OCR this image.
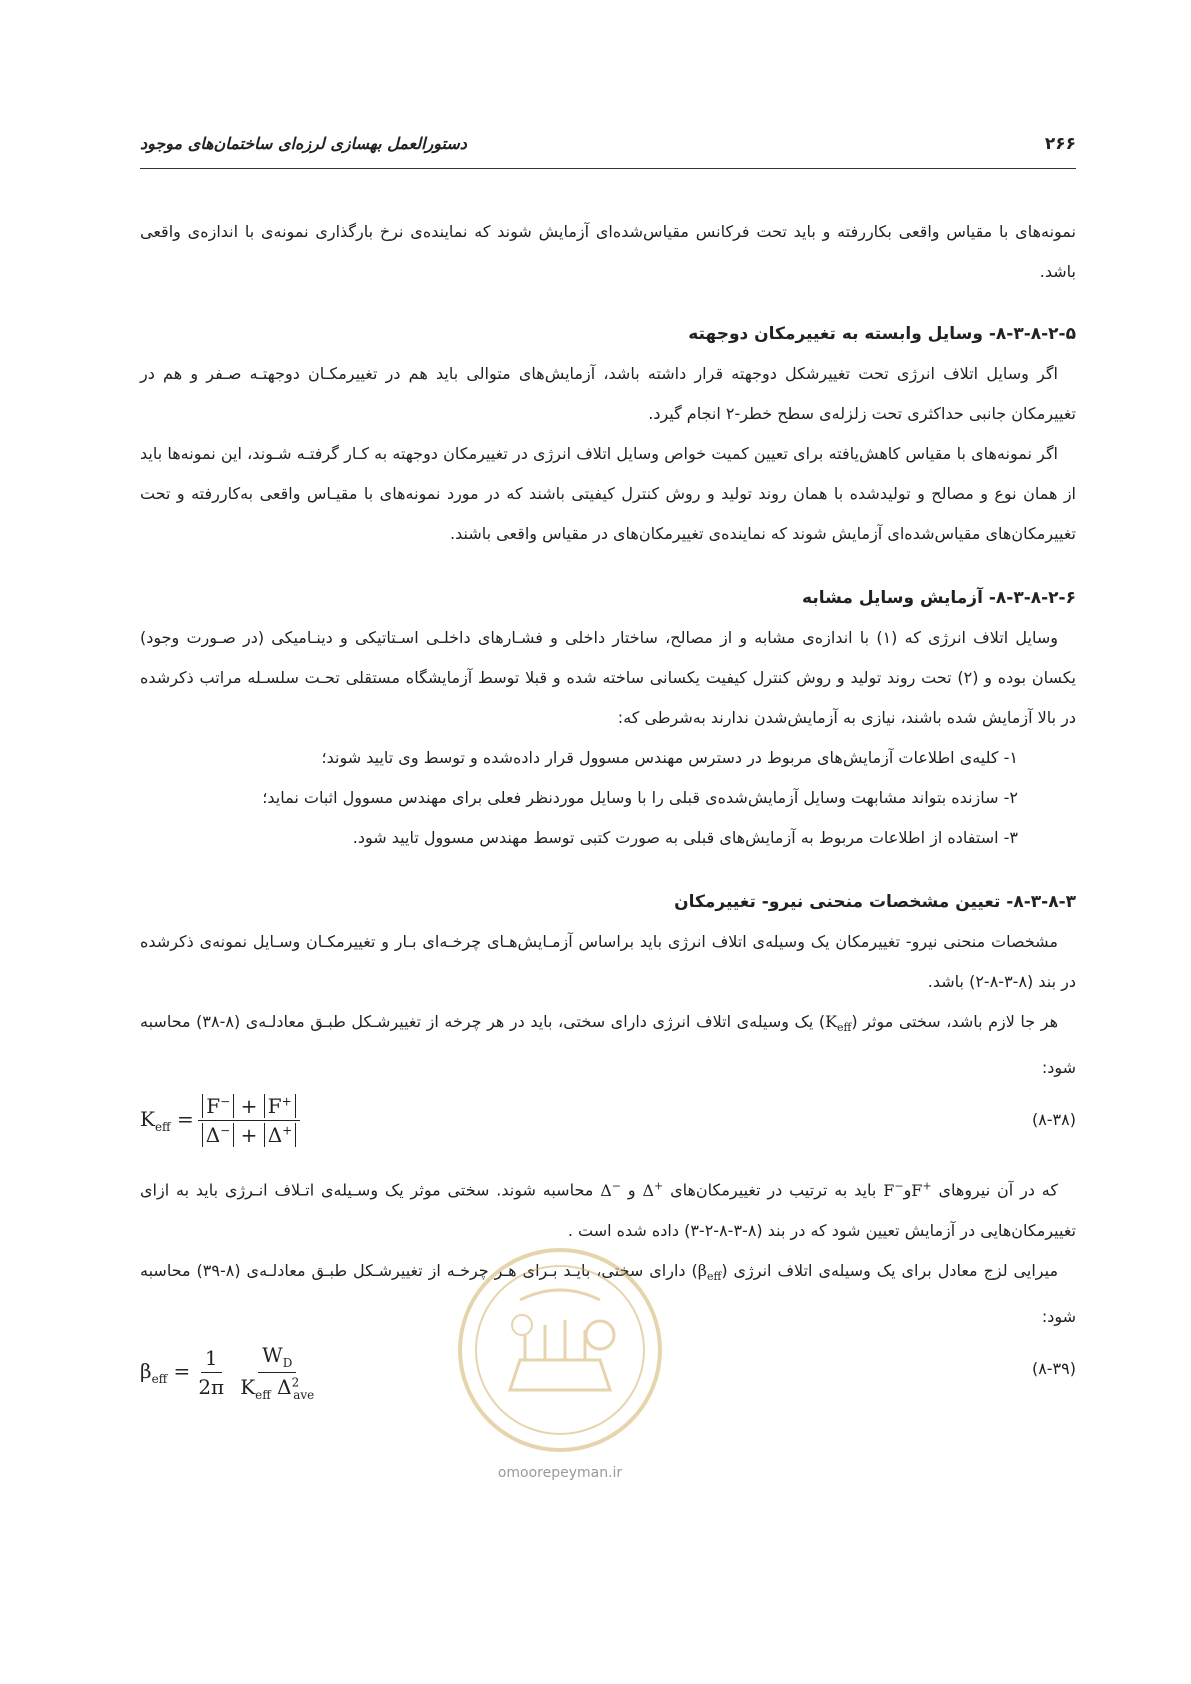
۲۶۶
دستورالعمل بهسازی لرزه‌ای ساختمان‌های موجود

نمونه‌های با مقیاس واقعی بکاررفته و باید تحت فرکانس مقیاس‌شده‌ای آزمایش شوند که نماینده‌ی نرخ بارگذاری نمونه‌ی با اندازه‌ی واقعی باشد.

۸-۳-۸-۲-۵- وسایل وابسته به تغییرمکان دوجهته

اگر وسایل اتلاف انرژی تحت تغییرشکل دوجهته قرار داشته باشد، آزمایش‌های متوالی باید هم در تغییرمکـان دوجهتـه صـفر و هم در تغییرمکان جانبی حداکثری تحت زلزله‌ی سطح خطر-۲ انجام گیرد.

اگر نمونه‌های با مقیاس کاهش‌یافته برای تعیین کمیت خواص وسایل اتلاف انرژی در تغییرمکان دوجهته به کـار گرفتـه شـوند، این نمونه‌ها باید از همان نوع و مصالح و تولیدشده با همان روند تولید و روش کنترل کیفیتی باشند که در مورد نمونه‌های با مقیـاس واقعی به‌کاررفته و تحت تغییرمکان‌های مقیاس‌شده‌ای آزمایش شوند که نماینده‌ی تغییرمکان‌های در مقیاس واقعی باشند.

۸-۳-۸-۲-۶- آزمایش وسایل مشابه

وسایل اتلاف انرژی که (۱) با اندازه‌ی مشابه و از مصالح، ساختار داخلی و فشـارهای داخلـی اسـتاتیکی و دینـامیکی (در صـورت وجود) یکسان بوده و (۲) تحت روند تولید و روش کنترل کیفیت یکسانی ساخته شده و قبلا توسط آزمایشگاه مستقلی تحـت سلسـله مراتب ذکرشده در بالا آزمایش شده باشند، نیازی به آزمایش‌شدن ندارند به‌شرطی که:

۱- کلیه‌ی اطلاعات آزمایش‌های مربوط در دسترس مهندس مسوول قرار داده‌شده و توسط وی تایید شوند؛

۲- سازنده بتواند مشابهت وسایل آزمایش‌شده‌ی قبلی را با وسایل موردنظر فعلی برای مهندس مسوول اثبات نماید؛

۳- استفاده از اطلاعات مربوط به آزمایش‌های قبلی به صورت کتبی توسط مهندس مسوول تایید شود.

۸-۳-۸-۳- تعیین مشخصات منحنی نیرو- تغییرمکان

مشخصات منحنی نیرو- تغییرمکان یک وسیله‌ی اتلاف انرژی باید براساس آزمـایش‌هـای چرخـه‌ای بـار و تغییرمکـان وسـایل نمونه‌ی ذکرشده در بند (۸-۳-۸-۲) باشد.

هر جا لازم باشد، سختی موثر $(K_{eff})$ یک وسیله‌ی اتلاف انرژی دارای سختی، باید در هر چرخه از تغییرشـکل طبـق معادلـه‌ی (۸-۳۸) محاسبه شود:

$K_{eff} = \frac{F^- + F^+}{\Delta^- + \Delta^+}$	(۸-۳۸)

که در آن نیروهای F+وF− باید به ترتیب در تغییرمکان‌های Δ+ و Δ− محاسبه شوند. سختی موثر یک وسـیله‌ی اتـلاف انـرژی باید به ازای تغییرمکان‌هایی در آزمایش تعیین شود که در بند (۸-۳-۸-۲-۳) داده شده است .

میرایی لزج معادل برای یک وسیله‌ی اتلاف انرژی $(\beta_{eff})$ دارای سختی، بایـد بـرای هـر چرخـه از تغییرشـکل طبـق معادلـه‌ی (۸-۳۹) محاسبه شود:

$\beta_{eff} = \frac{1}{2\pi} \frac{W_D}{K_{eff} \Delta^2_{ave}}$	(۸-۳۹)
omoorepeyman.ir
